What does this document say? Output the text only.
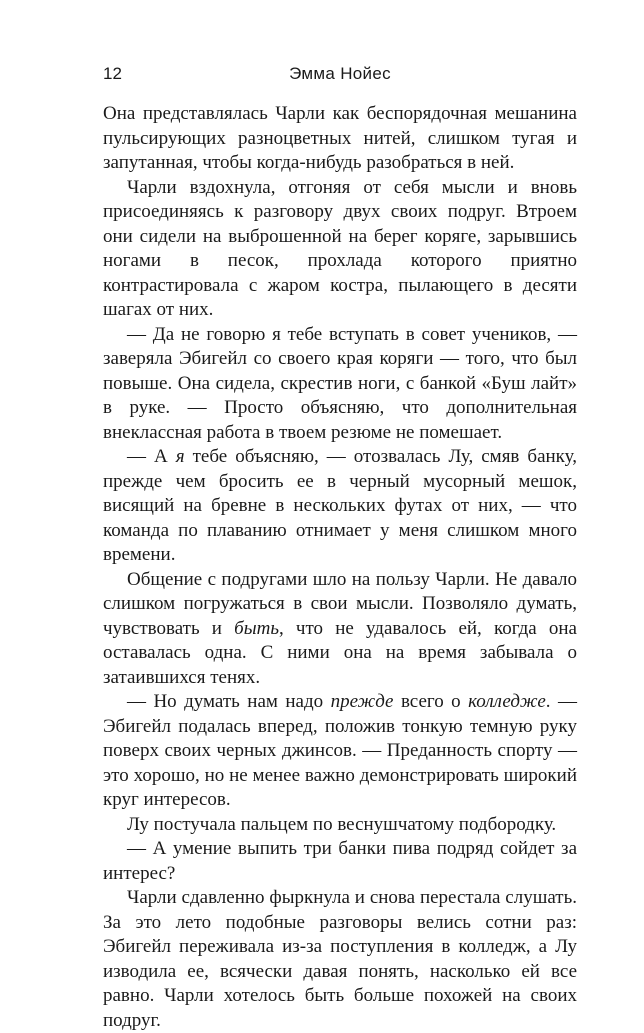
12	Эмма Нойес

Она представлялась Чарли как беспорядочная мешанина пульсирующих разноцветных нитей, слишком тугая и запутанная, чтобы когда-нибудь разобраться в ней.

Чарли вздохнула, отгоняя от себя мысли и вновь присоединяясь к разговору двух своих подруг. Втроем они сидели на выброшенной на берег коряге, зарывшись ногами в песок, прохлада которого приятно контрастировала с жаром костра, пылающего в десяти шагах от них.

— Да не говорю я тебе вступать в совет учеников, — заверяла Эбигейл со своего края коряги — того, что был повыше. Она сидела, скрестив ноги, с банкой «Буш лайт» в руке. — Просто объясняю, что дополнительная внеклассная работа в твоем резюме не помешает.

— А я тебе объясняю, — отозвалась Лу, смяв банку, прежде чем бросить ее в черный мусорный мешок, висящий на бревне в нескольких футах от них, — что команда по плаванию отнимает у меня слишком много времени.

Общение с подругами шло на пользу Чарли. Не давало слишком погружаться в свои мысли. Позволяло думать, чувствовать и быть, что не удавалось ей, когда она оставалась одна. С ними она на время забывала о затаившихся тенях.

— Но думать нам надо прежде всего о колледже. — Эбигейл подалась вперед, положив тонкую темную руку поверх своих черных джинсов. — Преданность спорту — это хорошо, но не менее важно демонстрировать широкий круг интересов.

Лу постучала пальцем по веснушчатому подбородку.

— А умение выпить три банки пива подряд сойдет за интерес?

Чарли сдавленно фыркнула и снова перестала слушать. За это лето подобные разговоры велись сотни раз: Эбигейл переживала из-за поступления в колледж, а Лу изводила ее, всячески давая понять, насколько ей все равно. Чарли хотелось быть больше похожей на своих подруг.
